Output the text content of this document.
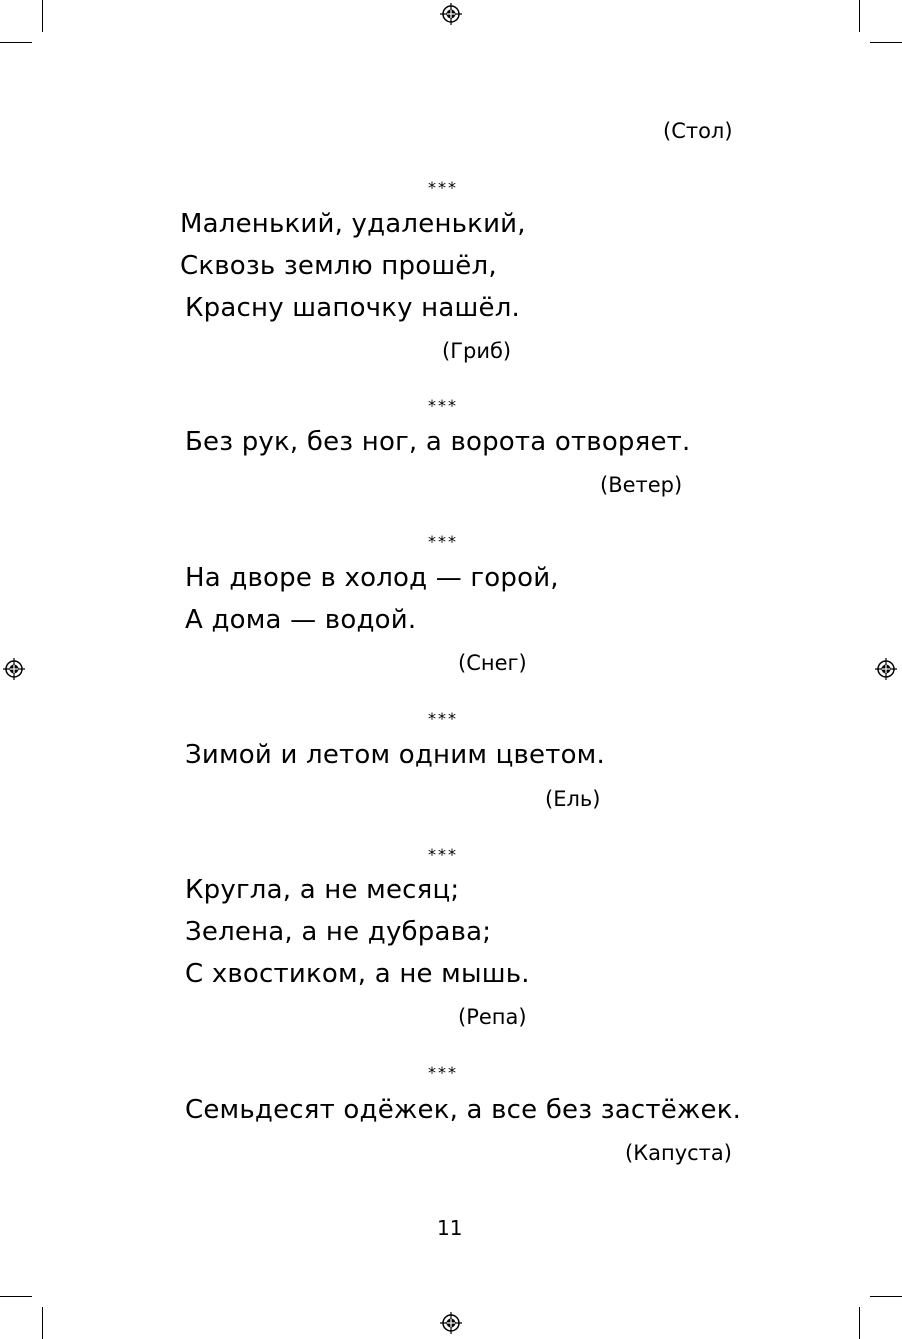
(Стол)
***
Маленький, удаленький,
Сквозь землю прошёл,
Красну шапочку нашёл.
(Гриб)
***
Без рук, без ног, а ворота отворяет.
(Ветер)
***
На дворе в холод — горой,
А дома — водой.
(Снег)
***
Зимой и летом одним цветом.
(Ель)
***
Кругла, а не месяц;
Зелена, а не дубрава;
С хвостиком, а не мышь.
(Репа)
***
Семьдесят одёжек, а все без застёжек.
(Капуста)
11
